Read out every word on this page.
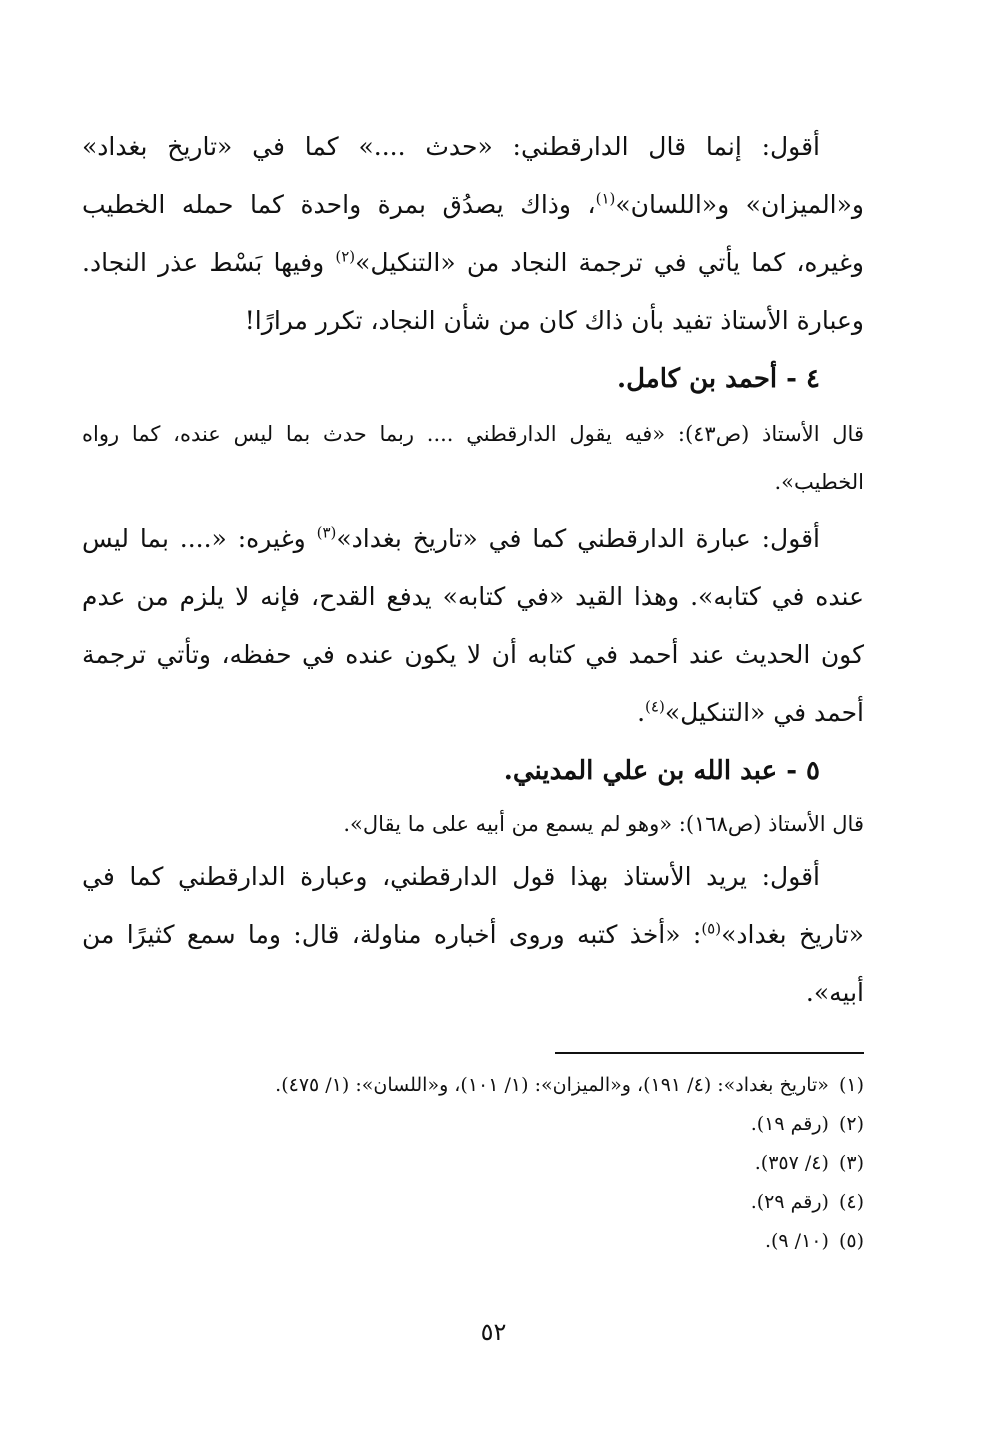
أقول: إنما قال الدارقطني: «حدث ....» كما في «تاريخ بغداد» و«الميزان» و«اللسان»$^{(١)}$، وذاك يصدُق بمرة واحدة كما حمله الخطيب وغيره، كما يأتي في ترجمة النجاد من «التنكيل»$^{(٢)}$ وفيها بَسْط عذر النجاد. وعبارة الأستاذ تفيد بأن ذاك كان من شأن النجاد، تكرر مرارًا!

٤ - أحمد بن كامل.

قال الأستاذ (ص٤٣): «فيه يقول الدارقطني .... ربما حدث بما ليس عنده، كما رواه الخطيب».

أقول: عبارة الدارقطني كما في «تاريخ بغداد»$^{(٣)}$ وغيره: «.... بما ليس عنده في كتابه». وهذا القيد «في كتابه» يدفع القدح، فإنه لا يلزم من عدم كون الحديث عند أحمد في كتابه أن لا يكون عنده في حفظه، وتأتي ترجمة أحمد في «التنكيل»$^{(٤)}$.

٥ - عبد الله بن علي المديني.

قال الأستاذ (ص١٦٨): «وهو لم يسمع من أبيه على ما يقال».

أقول: يريد الأستاذ بهذا قول الدارقطني، وعبارة الدارقطني كما في «تاريخ بغداد»$^{(٥)}$: «أخذ كتبه وروى أخباره مناولة، قال: وما سمع كثيرًا من أبيه».

(١)«تاريخ بغداد»: (٤/ ١٩١)، و«الميزان»: (١/ ١٠١)، و«اللسان»: (١/ ٤٧٥).

(٢)(رقم ١٩).

(٣)(٤/ ٣٥٧).

(٤)(رقم ٢٩).

(٥)(١٠/ ٩).

٥٢
